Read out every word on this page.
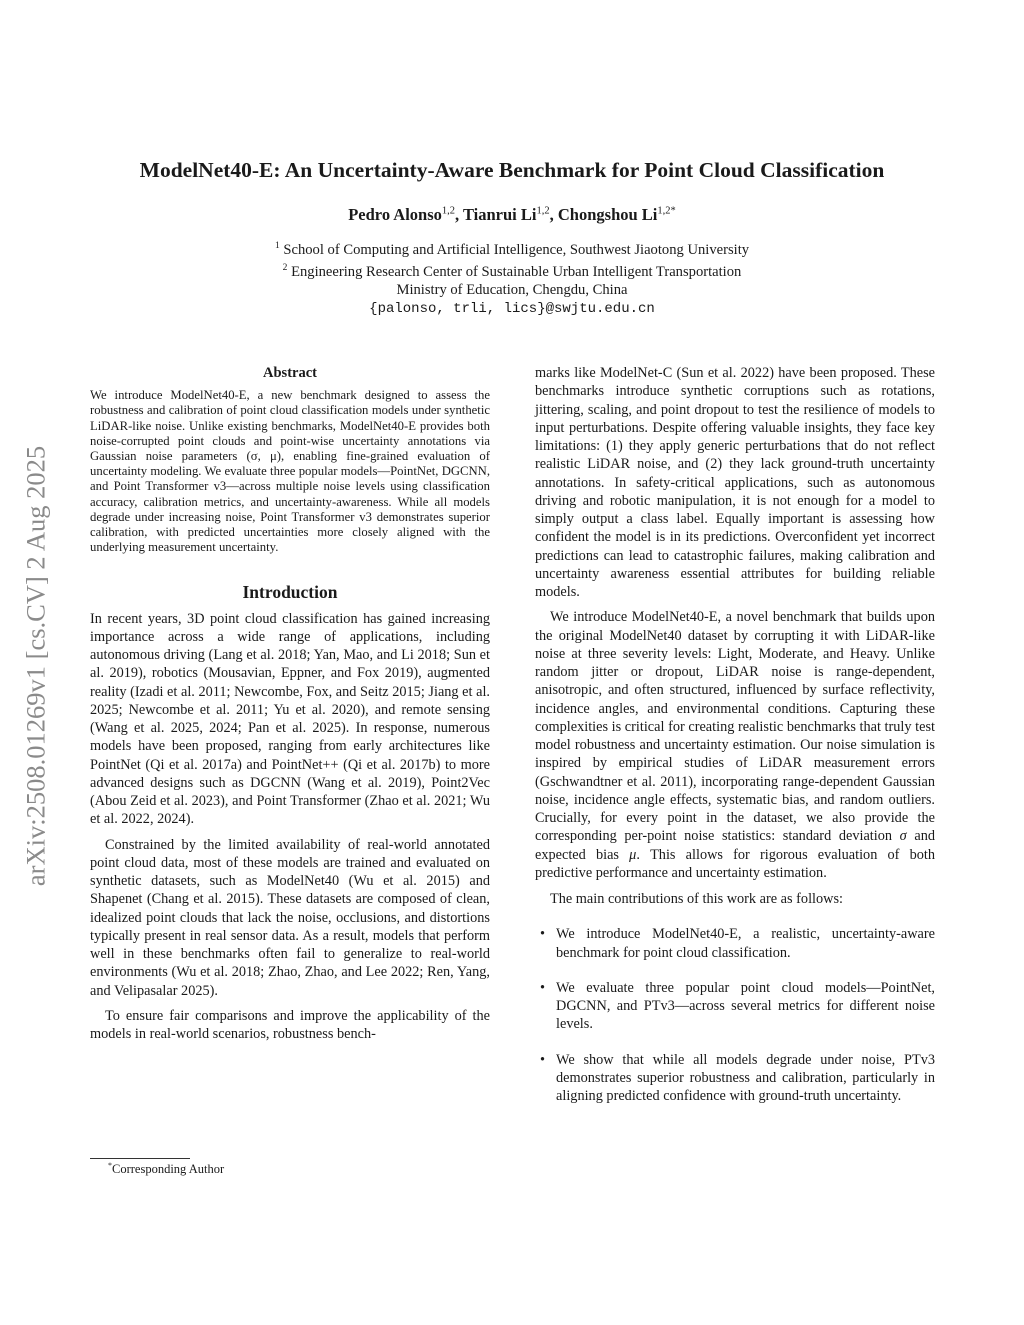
arXiv:2508.01269v1 [cs.CV] 2 Aug 2025
ModelNet40-E: An Uncertainty-Aware Benchmark for Point Cloud Classification
Pedro Alonso$^{1,2}$, Tianrui Li$^{1,2}$, Chongshou $Li^{1,2*}$
$^1$ School of Computing and Artificial Intelligence, Southwest Jiaotong University
$^2$ Engineering Research Center of Sustainable Urban Intelligent Transportation
Ministry of Education, Chengdu, China
{palonso, trli, lics}@swjtu.edu.cn
Abstract

We introduce ModelNet40-E, a new benchmark designed to assess the robustness and calibration of point cloud classification models under synthetic LiDAR-like noise. Unlike existing benchmarks, ModelNet40-E provides both noise-corrupted point clouds and point-wise uncertainty annotations via Gaussian noise parameters (σ, μ), enabling fine-grained evaluation of uncertainty modeling. We evaluate three popular models—PointNet, DGCNN, and Point Transformer v3—across multiple noise levels using classification accuracy, calibration metrics, and uncertainty-awareness. While all models degrade under increasing noise, Point Transformer v3 demonstrates superior calibration, with predicted uncertainties more closely aligned with the underlying measurement uncertainty.

Introduction

In recent years, 3D point cloud classification has gained increasing importance across a wide range of applications, including autonomous driving (Lang et al. 2018; Yan, Mao, and Li 2018; Sun et al. 2019), robotics (Mousavian, Eppner, and Fox 2019), augmented reality (Izadi et al. 2011; Newcombe, Fox, and Seitz 2015; Jiang et al. 2025; Newcombe et al. 2011; Yu et al. 2020), and remote sensing (Wang et al. 2025, 2024; Pan et al. 2025). In response, numerous models have been proposed, ranging from early architectures like PointNet (Qi et al. 2017a) and PointNet++ (Qi et al. 2017b) to more advanced designs such as DGCNN (Wang et al. 2019), Point2Vec (Abou Zeid et al. 2023), and Point Transformer (Zhao et al. 2021; Wu et al. 2022, 2024).

Constrained by the limited availability of real-world annotated point cloud data, most of these models are trained and evaluated on synthetic datasets, such as ModelNet40 (Wu et al. 2015) and Shapenet (Chang et al. 2015). These datasets are composed of clean, idealized point clouds that lack the noise, occlusions, and distortions typically present in real sensor data. As a result, models that perform well in these benchmarks often fail to generalize to real-world environments (Wu et al. 2018; Zhao, Zhao, and Lee 2022; Ren, Yang, and Velipasalar 2025).

To ensure fair comparisons and improve the applicability of the models in real-world scenarios, robustness bench-

marks like ModelNet-C (Sun et al. 2022) have been proposed. These benchmarks introduce synthetic corruptions such as rotations, jittering, scaling, and point dropout to test the resilience of models to input perturbations. Despite offering valuable insights, they face key limitations: (1) they apply generic perturbations that do not reflect realistic LiDAR noise, and (2) they lack ground-truth uncertainty annotations. In safety-critical applications, such as autonomous driving and robotic manipulation, it is not enough for a model to simply output a class label. Equally important is assessing how confident the model is in its predictions. Overconfident yet incorrect predictions can lead to catastrophic failures, making calibration and uncertainty awareness essential attributes for building reliable models.

We introduce ModelNet40-E, a novel benchmark that builds upon the original ModelNet40 dataset by corrupting it with LiDAR-like noise at three severity levels: Light, Moderate, and Heavy. Unlike random jitter or dropout, LiDAR noise is range-dependent, anisotropic, and often structured, influenced by surface reflectivity, incidence angles, and environmental conditions. Capturing these complexities is critical for creating realistic benchmarks that truly test model robustness and uncertainty estimation. Our noise simulation is inspired by empirical studies of LiDAR measurement errors (Gschwandtner et al. 2011), incorporating range-dependent Gaussian noise, incidence angle effects, systematic bias, and random outliers. Crucially, for every point in the dataset, we also provide the corresponding per-point noise statistics: standard deviation σ and expected bias μ. This allows for rigorous evaluation of both predictive performance and uncertainty estimation.

The main contributions of this work are as follows:

• We introduce ModelNet40-E, a realistic, uncertainty-aware benchmark for point cloud classification.
• We evaluate three popular point cloud models—PointNet, DGCNN, and PTv3—across several metrics for different noise levels.
• We show that while all models degrade under noise, PTv3 demonstrates superior robustness and calibration, particularly in aligning predicted confidence with ground-truth uncertainty.
*Corresponding Author
